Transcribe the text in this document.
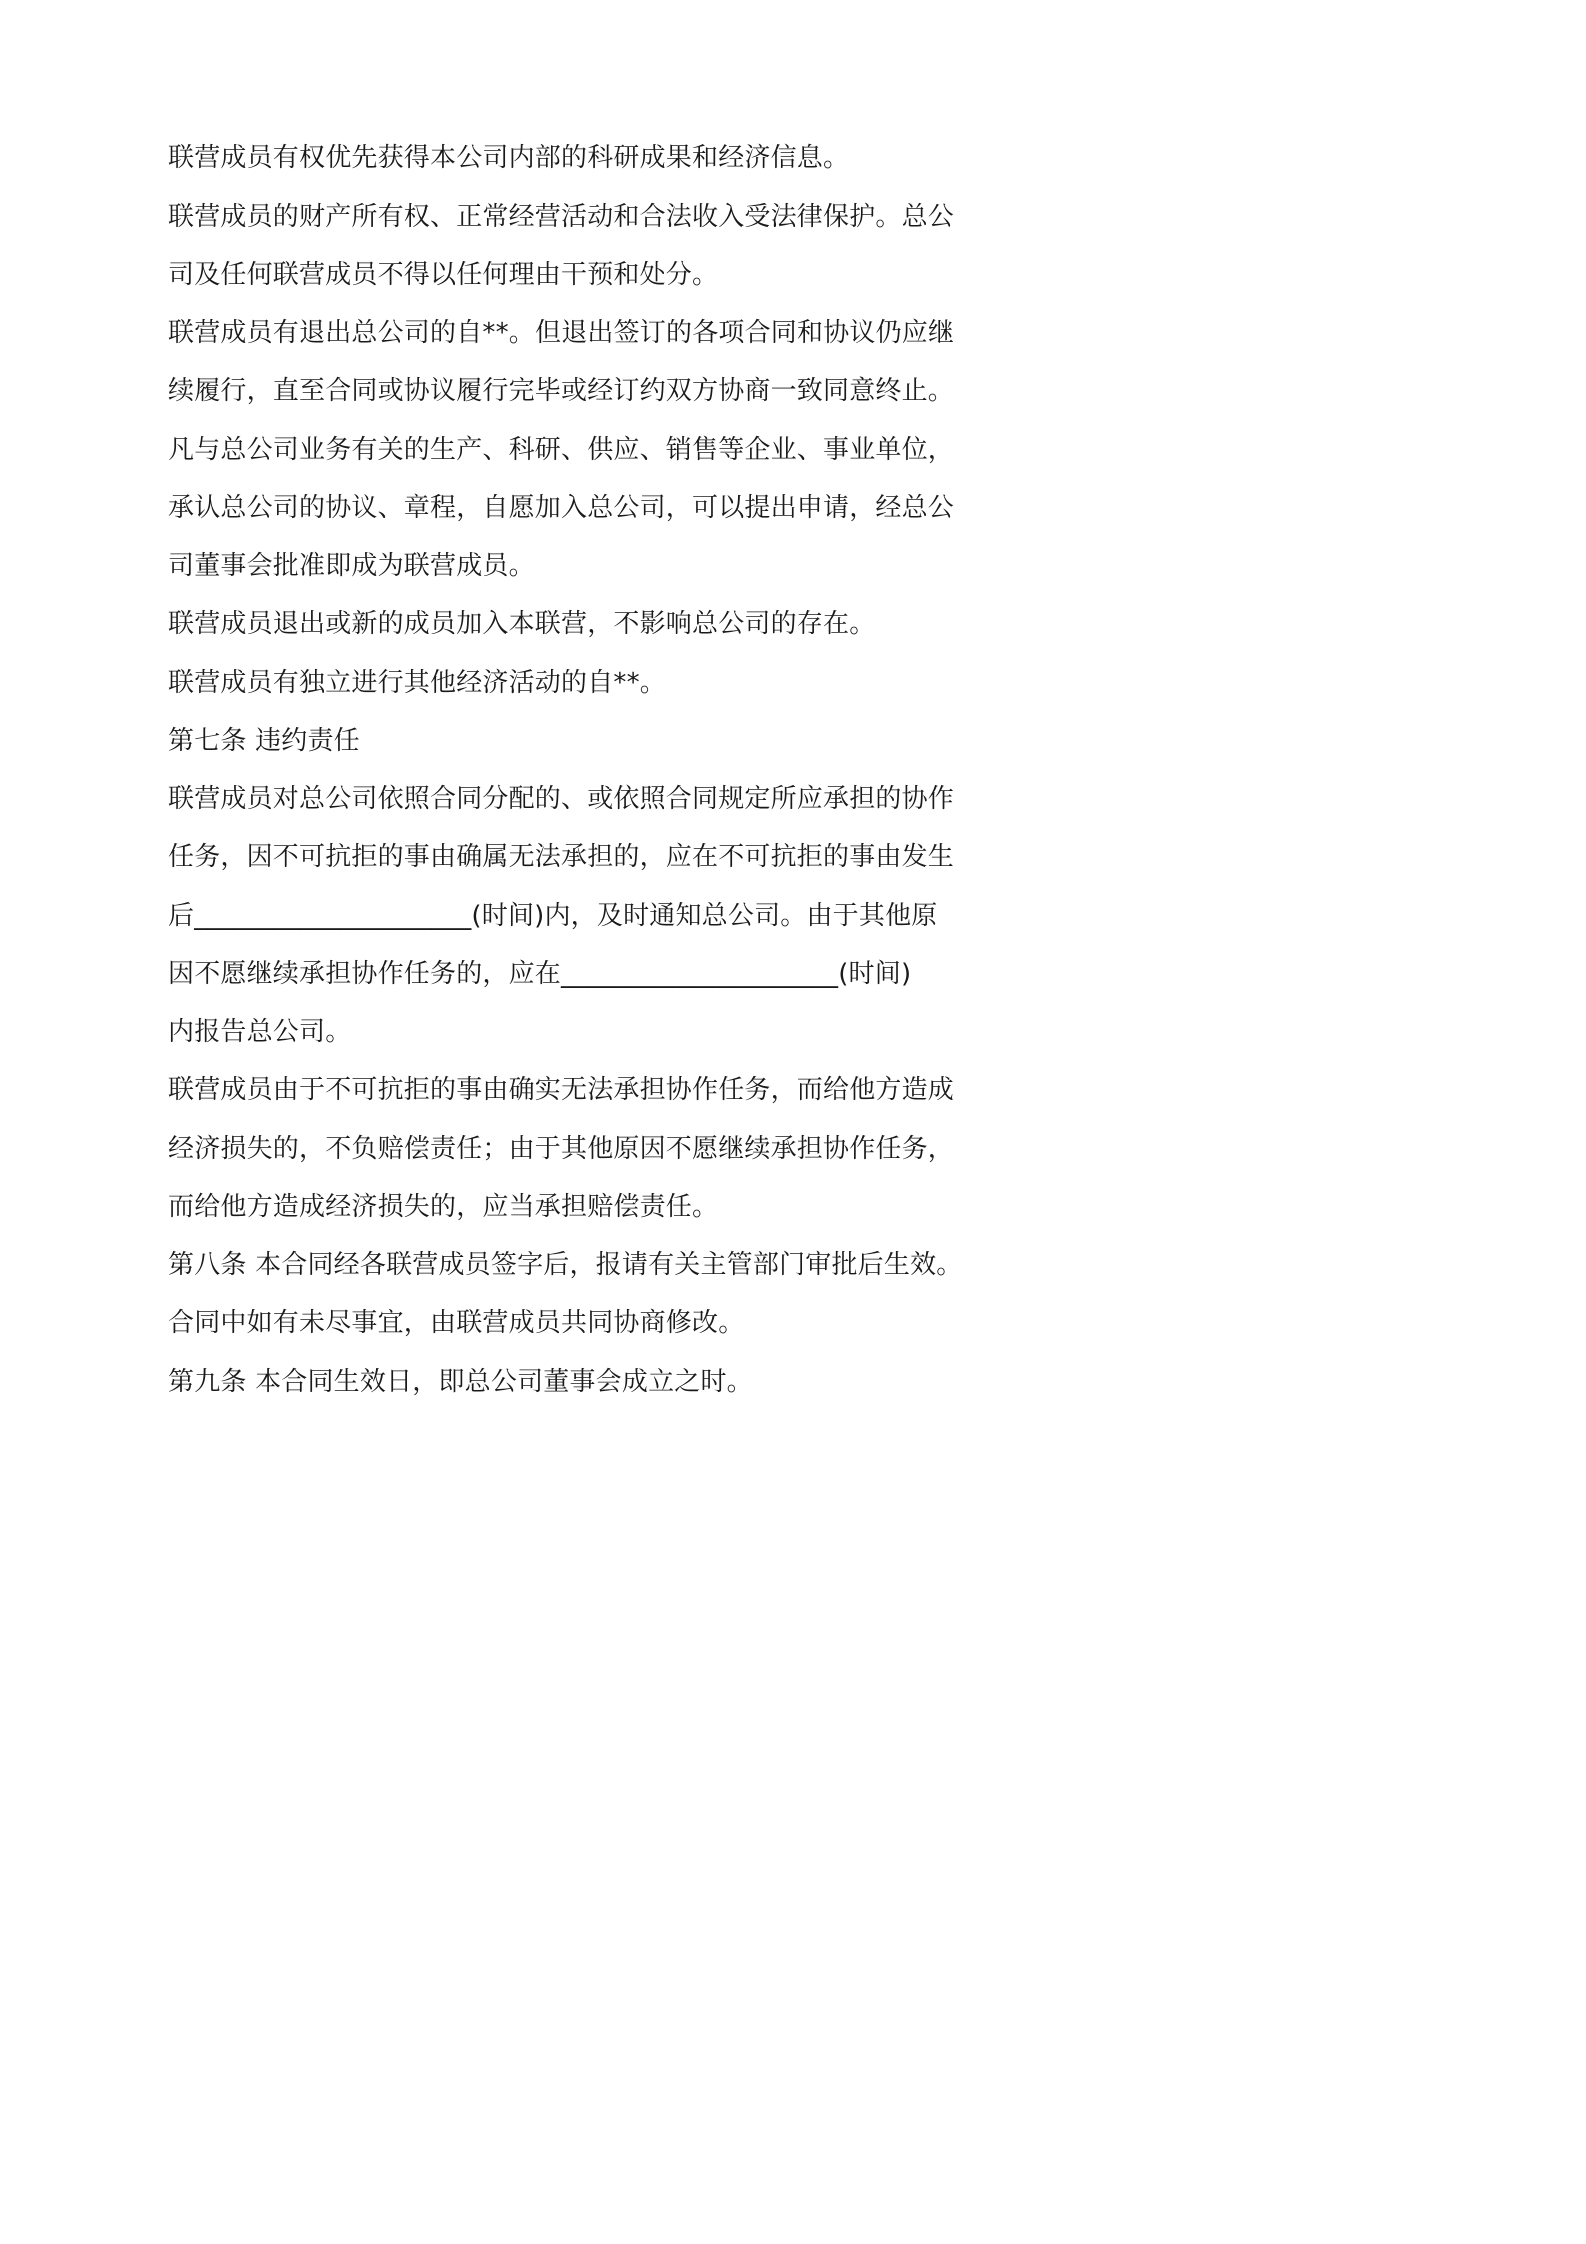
联营成员有权优先获得本公司内部的科研成果和经济信息。
联营成员的财产所有权、正常经营活动和合法收入受法律保护。总公
司及任何联营成员不得以任何理由干预和处分。
联营成员有退出总公司的自**。但退出签订的各项合同和协议仍应继
续履行，直至合同或协议履行完毕或经订约双方协商一致同意终止。
凡与总公司业务有关的生产、科研、供应、销售等企业、事业单位，
承认总公司的协议、章程，自愿加入总公司，可以提出申请，经总公
司董事会批准即成为联营成员。
联营成员退出或新的成员加入本联营，不影响总公司的存在。
联营成员有独立进行其他经济活动的自**。
第七条 违约责任
联营成员对总公司依照合同分配的、或依照合同规定所应承担的协作
任务，因不可抗拒的事由确属无法承担的，应在不可抗拒的事由发生
后_____________________(时间)内，及时通知总公司。由于其他原
因不愿继续承担协作任务的，应在_____________________(时间)
内报告总公司。
联营成员由于不可抗拒的事由确实无法承担协作任务，而给他方造成
经济损失的，不负赔偿责任；由于其他原因不愿继续承担协作任务，
而给他方造成经济损失的，应当承担赔偿责任。
第八条 本合同经各联营成员签字后，报请有关主管部门审批后生效。
合同中如有未尽事宜，由联营成员共同协商修改。
第九条 本合同生效日，即总公司董事会成立之时。
